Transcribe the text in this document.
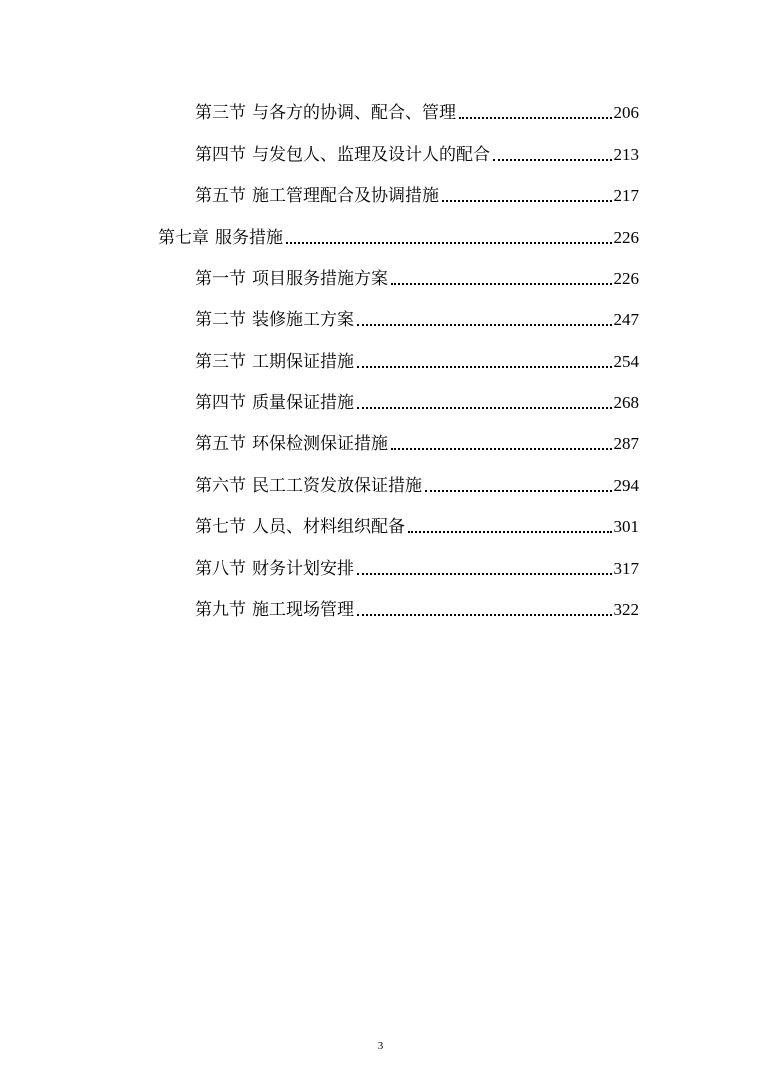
第三节 与各方的协调、配合、管理	206
第四节 与发包人、监理及设计人的配合	213
第五节 施工管理配合及协调措施	217
第七章 服务措施	226
第一节 项目服务措施方案	226
第二节 装修施工方案	247
第三节 工期保证措施	254
第四节 质量保证措施	268
第五节 环保检测保证措施	287
第六节 民工工资发放保证措施	294
第七节 人员、材料组织配备	301
第八节 财务计划安排	317
第九节 施工现场管理	322
3
